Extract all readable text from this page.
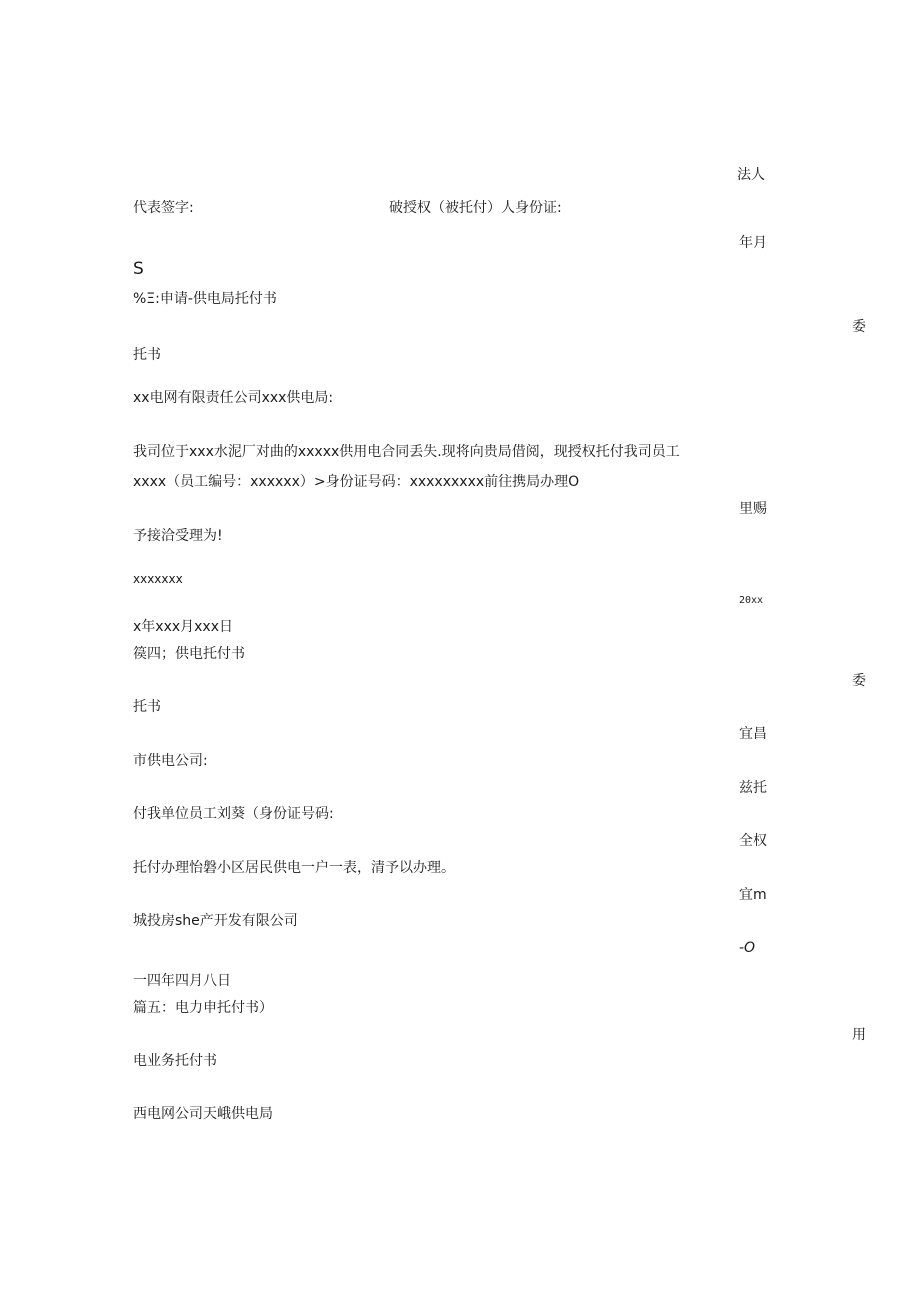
法人
代表签字:	破授权（被托付）人身份证:
年月
S
%Ξ:申请-供电局托付书
委
托书
xx电网有限责任公司xxx供电局:
我司位于xxx水泥厂对曲的xxxxx供用电合同丢失.现将向贵局借阅，现授权托付我司员工
xxxx（员工编号：xxxxxx）>身份证号码：xxxxxxxxx前往携局办理O
里赐
予接洽受理为!
xxxxxxx
20xx
x年xxx月xxx日
篌四；供电托付书
委
托书
宜昌
市供电公司:
兹托
付我单位员工刘葵（身份证号码:
全权
托付办理怡磐小区居民供电一户一表，清予以办理。
宜m
城投房she产开发有限公司
-O
一四年四月八日
篇五：电力申托付书）
用
电业务托付书
西电网公司天峨供电局
